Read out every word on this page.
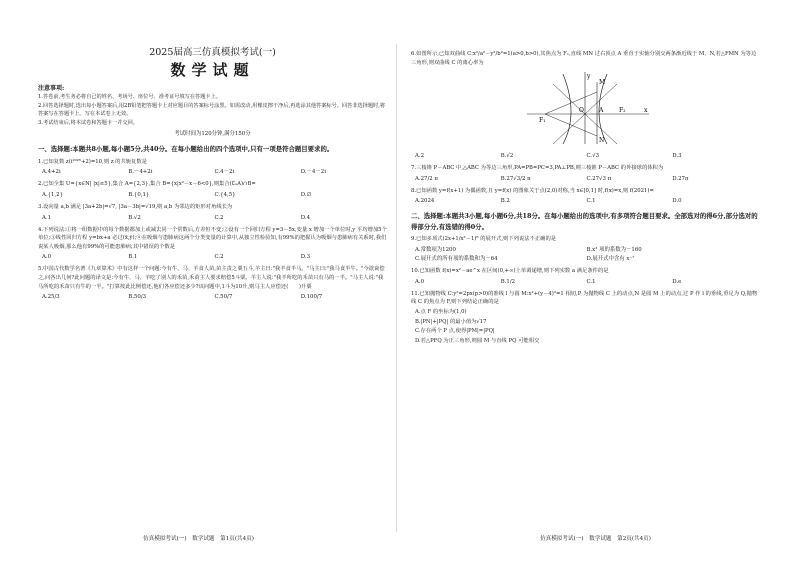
2025届高三仿真模拟考试(一)
数学试题
注意事项:
1.答卷前,考生务必将自己的姓名、考场号、座位号、准考证号填写在答题卡上。
2.回答选择题时,选出每小题答案后,用2B铅笔把答题卡上对应题目的答案标号涂黑。如需改动,用橡皮擦干净后,再选涂其他答案标号。回答非选择题时,将答案写在答题卡上。写在本试卷上无效。
3.考试结束后,将本试卷和答题卡一并交回。
考试时间为120分钟,满分150分
一、选择题:本题共8小题,每小题5分,共40分。在每小题给出的四个选项中,只有一项是符合题目要求的。
1.已知复数 z(i²⁰²⁵+2)=10,则 z 的共轭复数是
A.4+2i	B.－4+2i	C.4－2i	D.－4－2i
2.已知全集 U={x∈N| |x|≤5},集合 A={2,3},集合 B={x|x²－x－6<0},则集合(∁ᵤA)∩B=
A.{1,2}	B.{0,1}	C.{4,5}	D.∅
3.设向量 a,b 满足 |3a+2b|=√7, |3a－3b|=√19,则 a,b 为邻边的矩形对角线长为
A.1	B.√2	C.2	D.4
4.下列说法:①将一组数据中的每个数据都加上或减去同一个常数后,方差恒不变;②设有一个回归方程 y=3－5x,变量 x 增加一个单位时,y 平均增加5个单位;③线性回归方程 y=bx+a 必过(x̄,ȳ);④在吸烟与患肺病这两个分类变量的计算中,从独立性检验知,有99%的把握认为吸烟与患肺病有关系时,我们说某人吸烟,那么他有99%的可能患肺病;其中错误的个数是
A.0	B.1	C.2	D.3
5.中国古代数学名著《九章算术》中有这样一个问题:今有牛、马、羊食人苗,苗主责之粟五斗,羊主曰:"我羊食半马。"马主曰:"我马食半牛。"今欲衰偿之,问各出几何?此问题的译文是:今有牛、马、羊吃了别人的禾苗,禾苗主人要求赔偿5斗粟。羊主人说:"我羊所吃的禾苗只有马的一半。"马主人说:"我马所吃的禾苗只有牛的一半。"打算按此比例偿还,他们各应偿还多少?该问题中,1斗为10升,则马主人应偿还(　　)升粟
A.25/3	B.50/3	C.50/7	D.100/7
仿真模拟考试(一)　数学试题　第1页(共4页)
6.如图所示,已知双曲线 C:x²/a²－y²/b²=1(a>0,b>0),其焦点为 F₁,直线 MN 过右顶点 A 垂直于实轴分别交两条渐近线于 M、N,若△FMN 为等边三角形,则双曲线 C 的离心率为
M
N
A
F₁
F₂
O	x
y
A.2	B.√2	C.√3	D.3
7.三棱锥 P－ABC 中,△ABC 为等边三角形,PA=PB=PC=3,PA⊥PB,则三棱锥 P－ABC 的外接球的体积为
A.27/2 π	B.27√3/2 π	C.27√3 π	D.27π
8.已知函数 y=f(x+1) 为偶函数,且 y=f(x) 的图象关于点(2,0)对称,当 x∈[0,1] 时,f(x)=x,则 f(2021)=
A.2024	B.2	C.1	D.0
二、选择题:本题共3小题,每小题6分,共18分。在每小题给出的选项中,有多项符合题目要求。全部选对的得6分,部分选对的得部分分,有选错的得0分。
9.已知多项式(2x+1/x²－1)⁶ 的展开式,则下列说法不正确的是
A.常数项为1200	B.x³ 项的系数为－160
C.展开式的所有项的系数和为－64	D.展开式中含有 x⁻⁷
10.已知函数 f(x)=x²－ae^x 在区间(0,+∞)上单调递增,则下列实数 a 满足条件的是
A.0	B.1/2	C.1	D.e
11.已知抛物线 C:y²=2px(p>0)的准线 l 与圆 M:x²+(y－4)²=1 相切,P 为抛物线 C 上的动点,N 是圆 M 上的动点,过 P 作 l 的垂线,垂足为 Q,抛物线 C 的焦点为 F,则下列结论正确的是
A.点 F 的坐标为(1,0)
B.|PN|+|PQ| 的最小值为√17
C.存在两个 P 点,使得|PM|=|PQ|
D.若△PFQ 为正三角形,则圆 M 与直线 PQ 可能相交
仿真模拟考试(一)　数学试题　第2页(共4页)
